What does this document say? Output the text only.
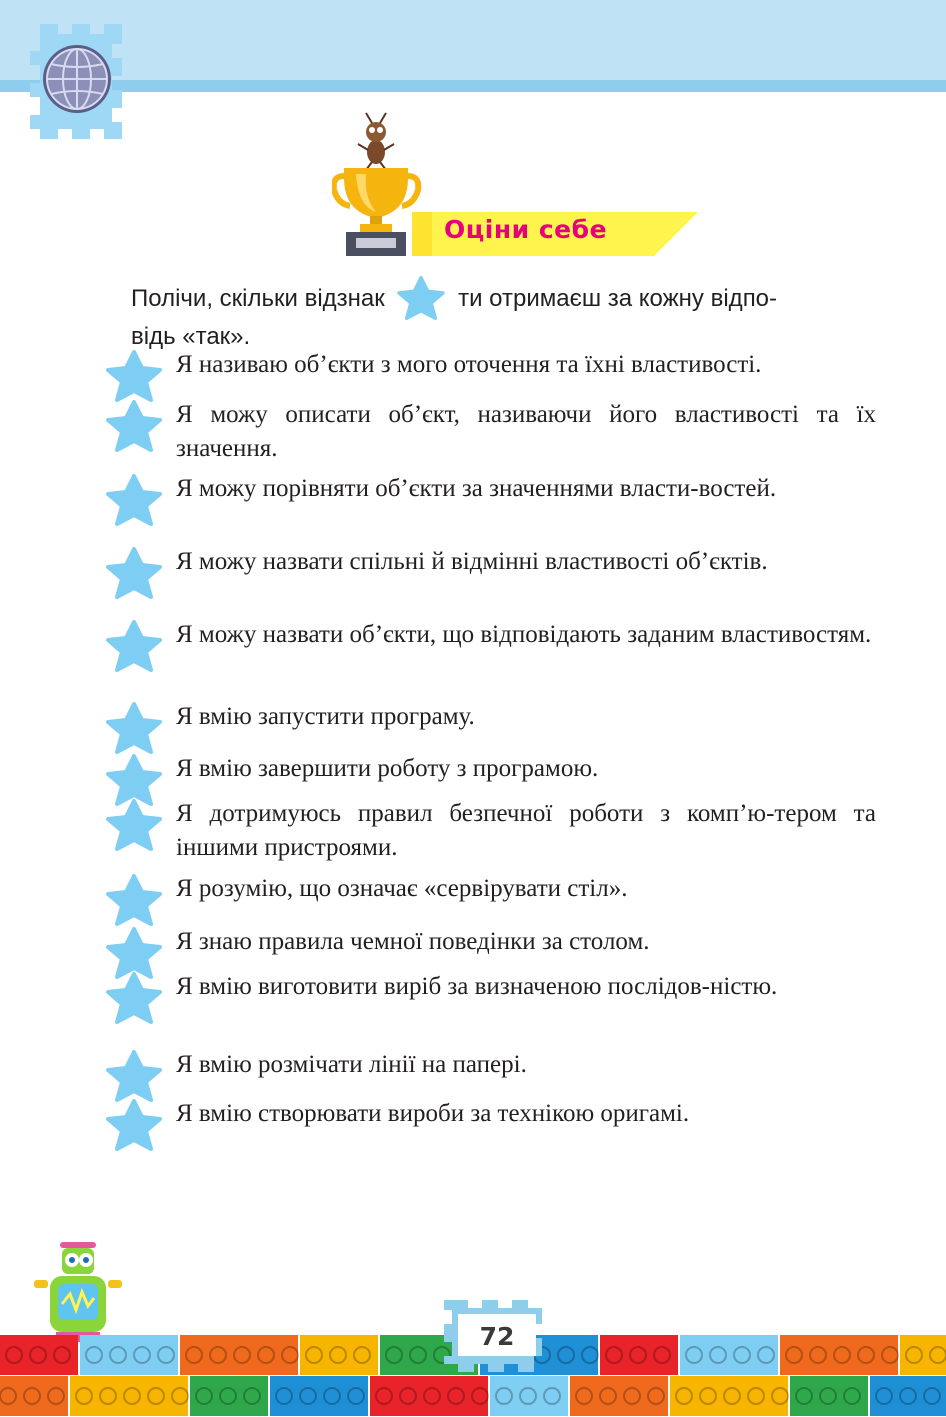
Оціни себе
Полічи, скільки відзнак	ти отримаєш за кожну відпо-
відь «так».
Я називаю об’єкти з мого оточення та їхні властивості.
Я можу описати об’єкт, називаючи його властивості та їх значення.
Я можу порівняти об’єкти за значеннями власти-востей.
Я можу назвати спільні й відмінні властивості об’єктів.
Я можу назвати об’єкти, що відповідають заданим властивостям.
Я вмію запустити програму.
Я вмію завершити роботу з програмою.
Я дотримуюсь правил безпечної роботи з комп’ю-тером та іншими пристроями.
Я розумію, що означає «сервірувати стіл».
Я знаю правила чемної поведінки за столом.
Я вмію виготовити виріб за визначеною послідов-ністю.
Я вмію розмічати лінії на папері.
Я вмію створювати вироби за технікою оригамі.
72
